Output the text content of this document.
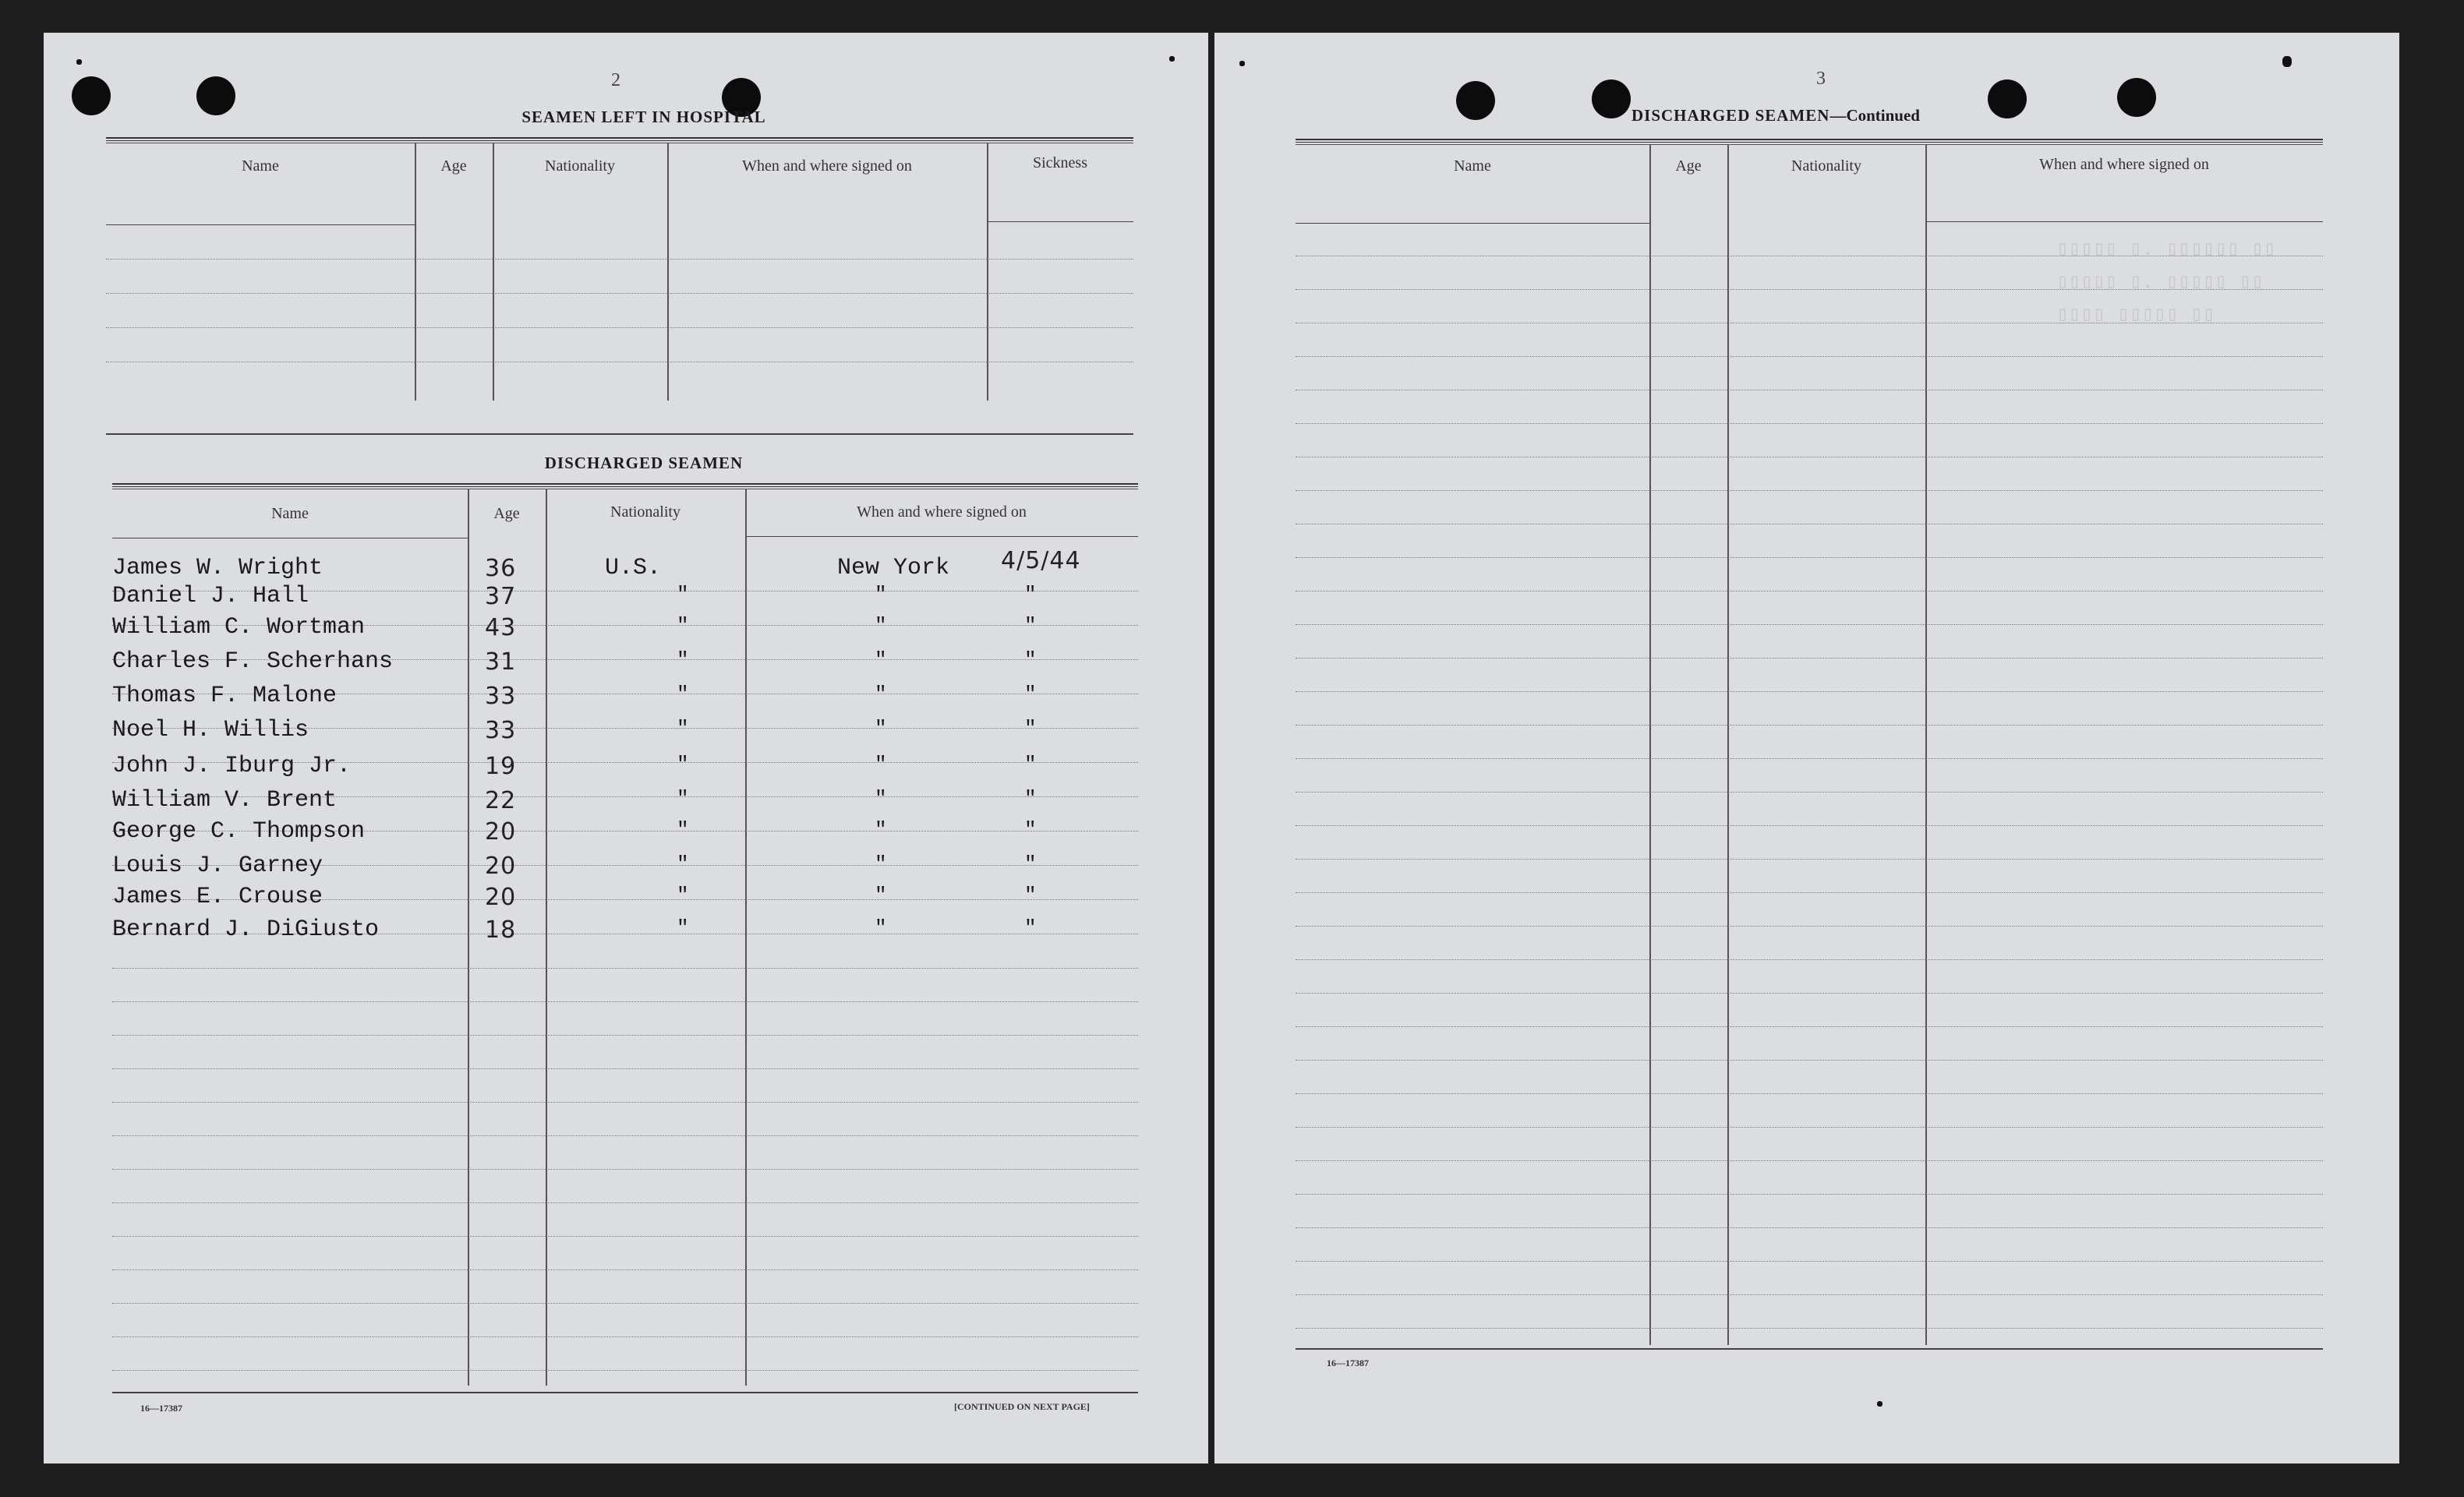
2
SEAMEN LEFT IN HOSPITAL
Name	Age	Nationality	When and where signed on	Sickness
DISCHARGED SEAMEN
Name	Age	Nationality	When and where signed on
James W. Wright	36	U.S.	New York 4/5/44
Daniel J. Hall	37	"	"	"
William C. Wortman	43	"	"	"
Charles F. Scherhans	31	"	"	"
Thomas F. Malone	33	"	"	"
Noel H. Willis	33	"	"	"
John J. Iburg Jr.	19	"	"	"
William V. Brent	22	"	"	"
George C. Thompson	20	"	"	"
Louis J. Garney	20	"	"	"
James E. Crouse	20	"	"	"
Bernard J. DiGiusto	18	"	"	"
16—17387	[CONTINUED ON NEXT PAGE]
3
DISCHARGED SEAMEN—Continued
▯▯▯▯▯ ▯. ▯▯▯▯▯▯ ▯▯
▯▯▯▯▯ ▯. ▯▯▯▯▯ ▯▯
▯▯▯▯ ▯▯▯▯▯ ▯▯
Name	Age	Nationality	When and where signed on
16—17387
